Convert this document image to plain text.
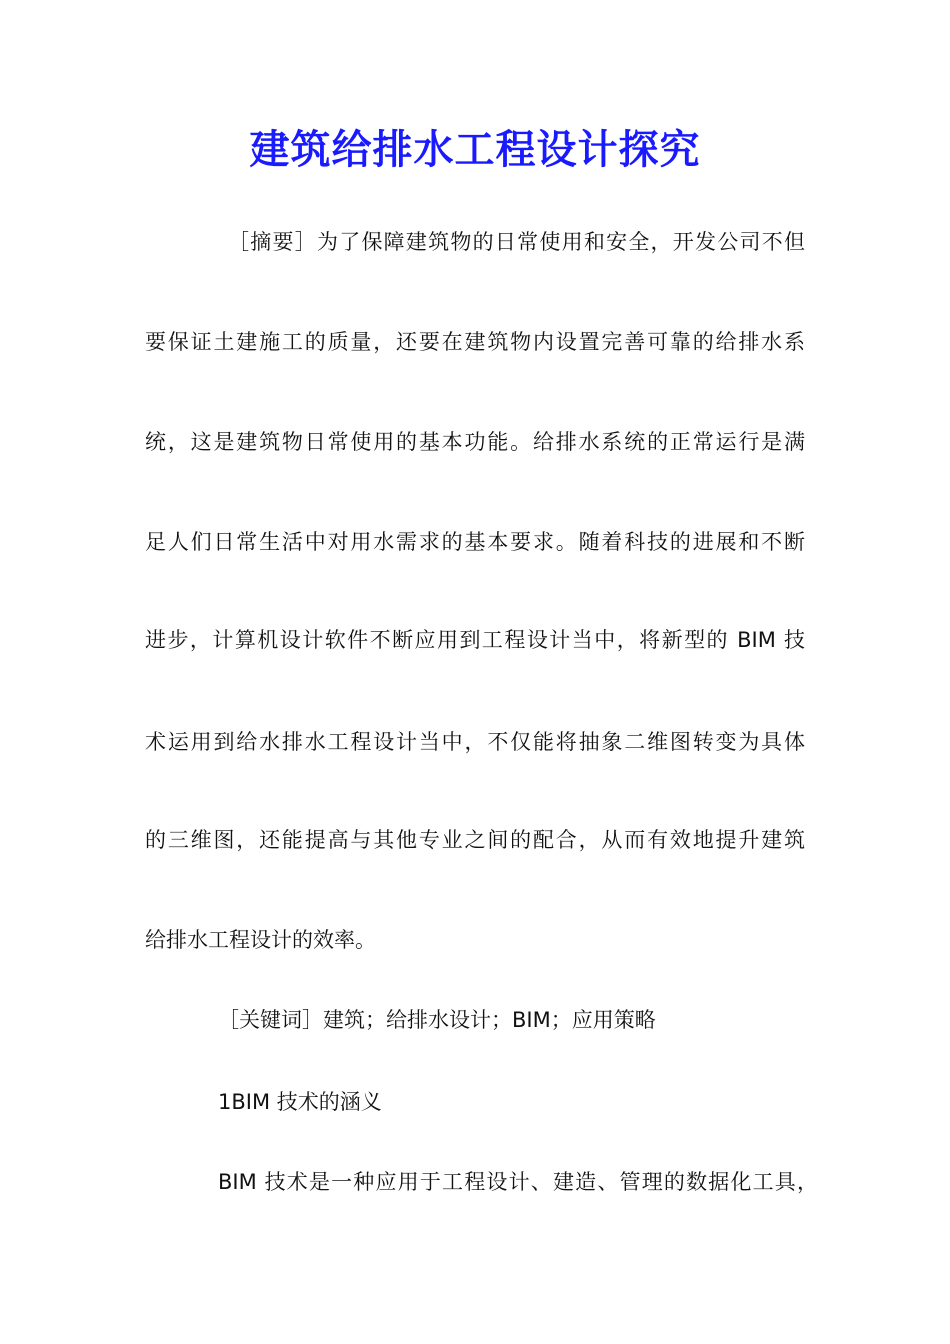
建筑给排水工程设计探究
［摘要］为了保障建筑物的日常使用和安全，开发公司不但
要保证土建施工的质量，还要在建筑物内设置完善可靠的给排水系
统，这是建筑物日常使用的基本功能。给排水系统的正常运行是满
足人们日常生活中对用水需求的基本要求。随着科技的进展和不断
进步，计算机设计软件不断应用到工程设计当中，将新型的 BIM 技
术运用到给水排水工程设计当中，不仅能将抽象二维图转变为具体
的三维图，还能提高与其他专业之间的配合，从而有效地提升建筑
给排水工程设计的效率。
［关键词］建筑；给排水设计；BIM；应用策略
1BIM 技术的涵义
BIM 技术是一种应用于工程设计、建造、管理的数据化工具，
